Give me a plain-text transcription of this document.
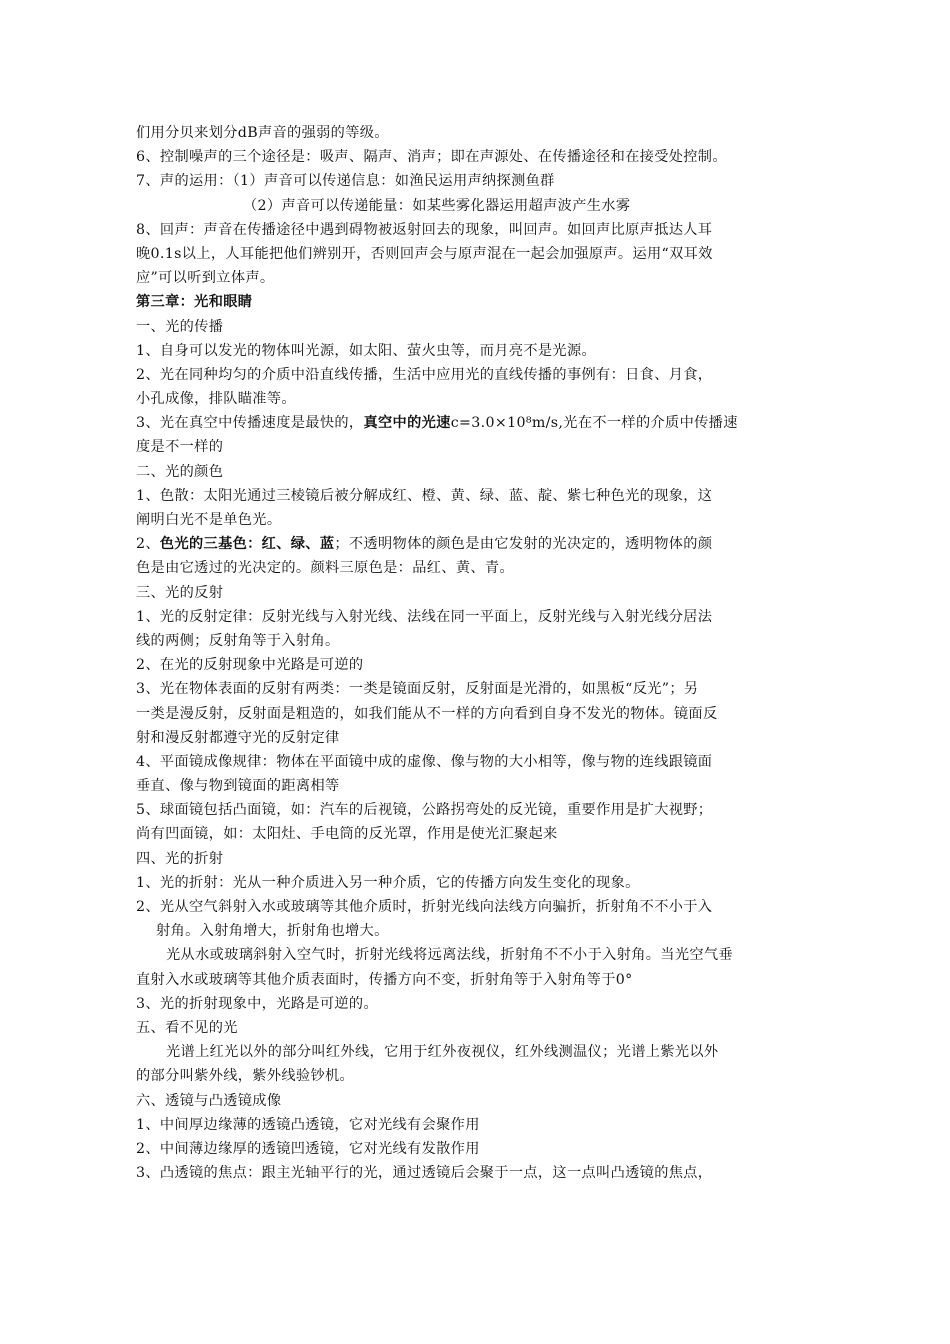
们用分贝来划分dB声音的强弱的等级。
6、控制噪声的三个途径是：吸声、隔声、消声；即在声源处、在传播途径和在接受处控制。
7、声的运用：（1）声音可以传递信息：如渔民运用声纳探测鱼群
（2）声音可以传递能量：如某些雾化器运用超声波产生水雾
8、回声：声音在传播途径中遇到碍物被返射回去的现象，叫回声。如回声比原声抵达人耳
晚0.1s以上，人耳能把他们辨别开，否则回声会与原声混在一起会加强原声。运用“双耳效
应”可以听到立体声。
第三章：光和眼睛
一、光的传播
1、自身可以发光的物体叫光源，如太阳、萤火虫等，而月亮不是光源。
2、光在同种均匀的介质中沿直线传播，生活中应用光的直线传播的事例有：日食、月食，
小孔成像，排队瞄准等。
3、光在真空中传播速度是最快的，真空中的光速c=3.0×10⁸m/s,光在不一样的介质中传播速
度是不一样的
二、光的颜色
1、色散：太阳光通过三棱镜后被分解成红、橙、黄、绿、蓝、靛、紫七种色光的现象，这
阐明白光不是单色光。
2、色光的三基色：红、绿、蓝；不透明物体的颜色是由它发射的光决定的，透明物体的颜
色是由它透过的光决定的。颜料三原色是：品红、黄、青。
三、光的反射
1、光的反射定律：反射光线与入射光线、法线在同一平面上，反射光线与入射光线分居法
线的两侧；反射角等于入射角。
2、在光的反射现象中光路是可逆的
3、光在物体表面的反射有两类：一类是镜面反射，反射面是光滑的，如黑板“反光”；另
一类是漫反射，反射面是粗造的，如我们能从不一样的方向看到自身不发光的物体。镜面反
射和漫反射都遵守光的反射定律
4、平面镜成像规律：物体在平面镜中成的虚像、像与物的大小相等，像与物的连线跟镜面
垂直、像与物到镜面的距离相等
5、球面镜包括凸面镜，如：汽车的后视镜，公路拐弯处的反光镜，重要作用是扩大视野；
尚有凹面镜，如：太阳灶、手电筒的反光罩，作用是使光汇聚起来
四、光的折射
1、光的折射：光从一种介质进入另一种介质，它的传播方向发生变化的现象。
2、光从空气斜射入水或玻璃等其他介质时，折射光线向法线方向骗折，折射角不不小于入
射角。入射角增大，折射角也增大。
光从水或玻璃斜射入空气时，折射光线将远离法线，折射角不不小于入射角。当光空气垂
直射入水或玻璃等其他介质表面时，传播方向不变，折射角等于入射角等于0°
3、光的折射现象中，光路是可逆的。
五、看不见的光
光谱上红光以外的部分叫红外线，它用于红外夜视仪，红外线测温仪；光谱上紫光以外
的部分叫紫外线，紫外线验钞机。
六、透镜与凸透镜成像
1、中间厚边缘薄的透镜凸透镜，它对光线有会聚作用
2、中间薄边缘厚的透镜凹透镜，它对光线有发散作用
3、凸透镜的焦点：跟主光轴平行的光，通过透镜后会聚于一点，这一点叫凸透镜的焦点，
